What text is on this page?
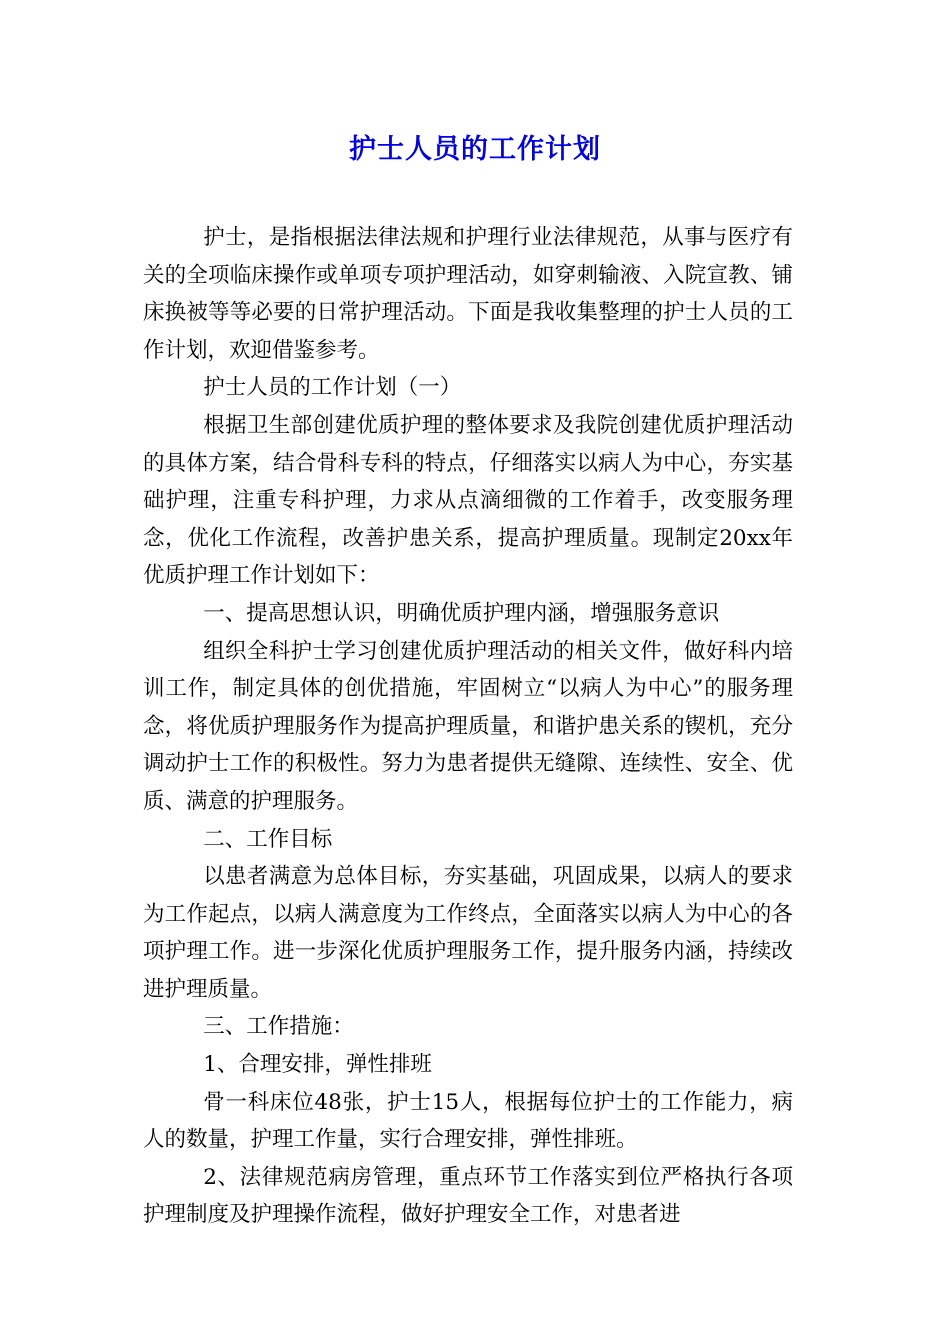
护士人员的工作计划

护士，是指根据法律法规和护理行业法律规范，从事与医疗有关的全项临床操作或单项专项护理活动，如穿刺输液、入院宣教、铺床换被等等必要的日常护理活动。下面是我收集整理的护士人员的工作计划，欢迎借鉴参考。

护士人员的工作计划（一）

根据卫生部创建优质护理的整体要求及我院创建优质护理活动的具体方案，结合骨科专科的特点，仔细落实以病人为中心，夯实基础护理，注重专科护理，力求从点滴细微的工作着手，改变服务理念，优化工作流程，改善护患关系，提高护理质量。现制定20xx年优质护理工作计划如下：

一、提高思想认识，明确优质护理内涵，增强服务意识

组织全科护士学习创建优质护理活动的相关文件，做好科内培训工作，制定具体的创优措施，牢固树立“以病人为中心”的服务理念，将优质护理服务作为提高护理质量，和谐护患关系的锲机，充分调动护士工作的积极性。努力为患者提供无缝隙、连续性、安全、优质、满意的护理服务。

二、工作目标

以患者满意为总体目标，夯实基础，巩固成果，以病人的要求为工作起点，以病人满意度为工作终点，全面落实以病人为中心的各项护理工作。进一步深化优质护理服务工作，提升服务内涵，持续改进护理质量。

三、工作措施：

1、合理安排，弹性排班

骨一科床位48张，护士15人，根据每位护士的工作能力，病人的数量，护理工作量，实行合理安排，弹性排班。

2、法律规范病房管理，重点环节工作落实到位严格执行各项护理制度及护理操作流程，做好护理安全工作，对患者进
